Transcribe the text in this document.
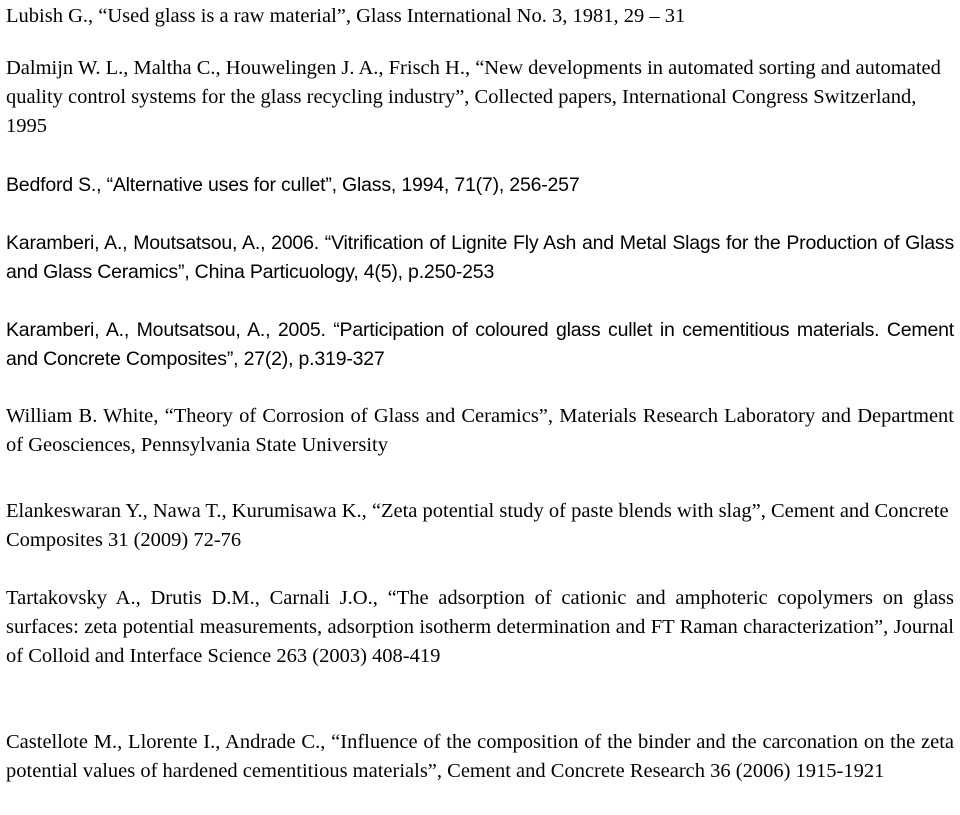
Lubish G., “Used glass is a raw material”, Glass International No. 3, 1981, 29 – 31

Dalmijn W. L., Maltha C., Houwelingen J. A., Frisch H., “New developments in automated sorting and automated quality control systems for the glass recycling industry”, Collected papers, International Congress Switzerland, 1995

Bedford S., “Alternative uses for cullet”, Glass, 1994, 71(7), 256-257

Karamberi, A., Moutsatsou, A., 2006. “Vitrification of Lignite Fly Ash and Metal Slags for the Production of Glass and Glass Ceramics”, China Particuology, 4(5), p.250-253

Karamberi, A., Moutsatsou, A., 2005. “Participation of coloured glass cullet in cementitious materials. Cement and Concrete Composites”, 27(2), p.319-327

William B. White, “Theory of Corrosion of Glass and Ceramics”, Materials Research Laboratory and Department of Geosciences, Pennsylvania State University

Elankeswaran Y., Nawa T., Kurumisawa K., “Zeta potential study of paste blends with slag”, Cement and Concrete Composites 31 (2009) 72-76

Tartakovsky A., Drutis D.M., Carnali J.O., “The adsorption of cationic and amphoteric copolymers on glass surfaces: zeta potential measurements, adsorption isotherm determination and FT Raman characterization”, Journal of Colloid and Interface Science 263 (2003) 408-419

Castellote M., Llorente I., Andrade C., “Influence of the composition of the binder and the carconation on the zeta potential values of hardened cementitious materials”, Cement and Concrete Research 36 (2006) 1915-1921
